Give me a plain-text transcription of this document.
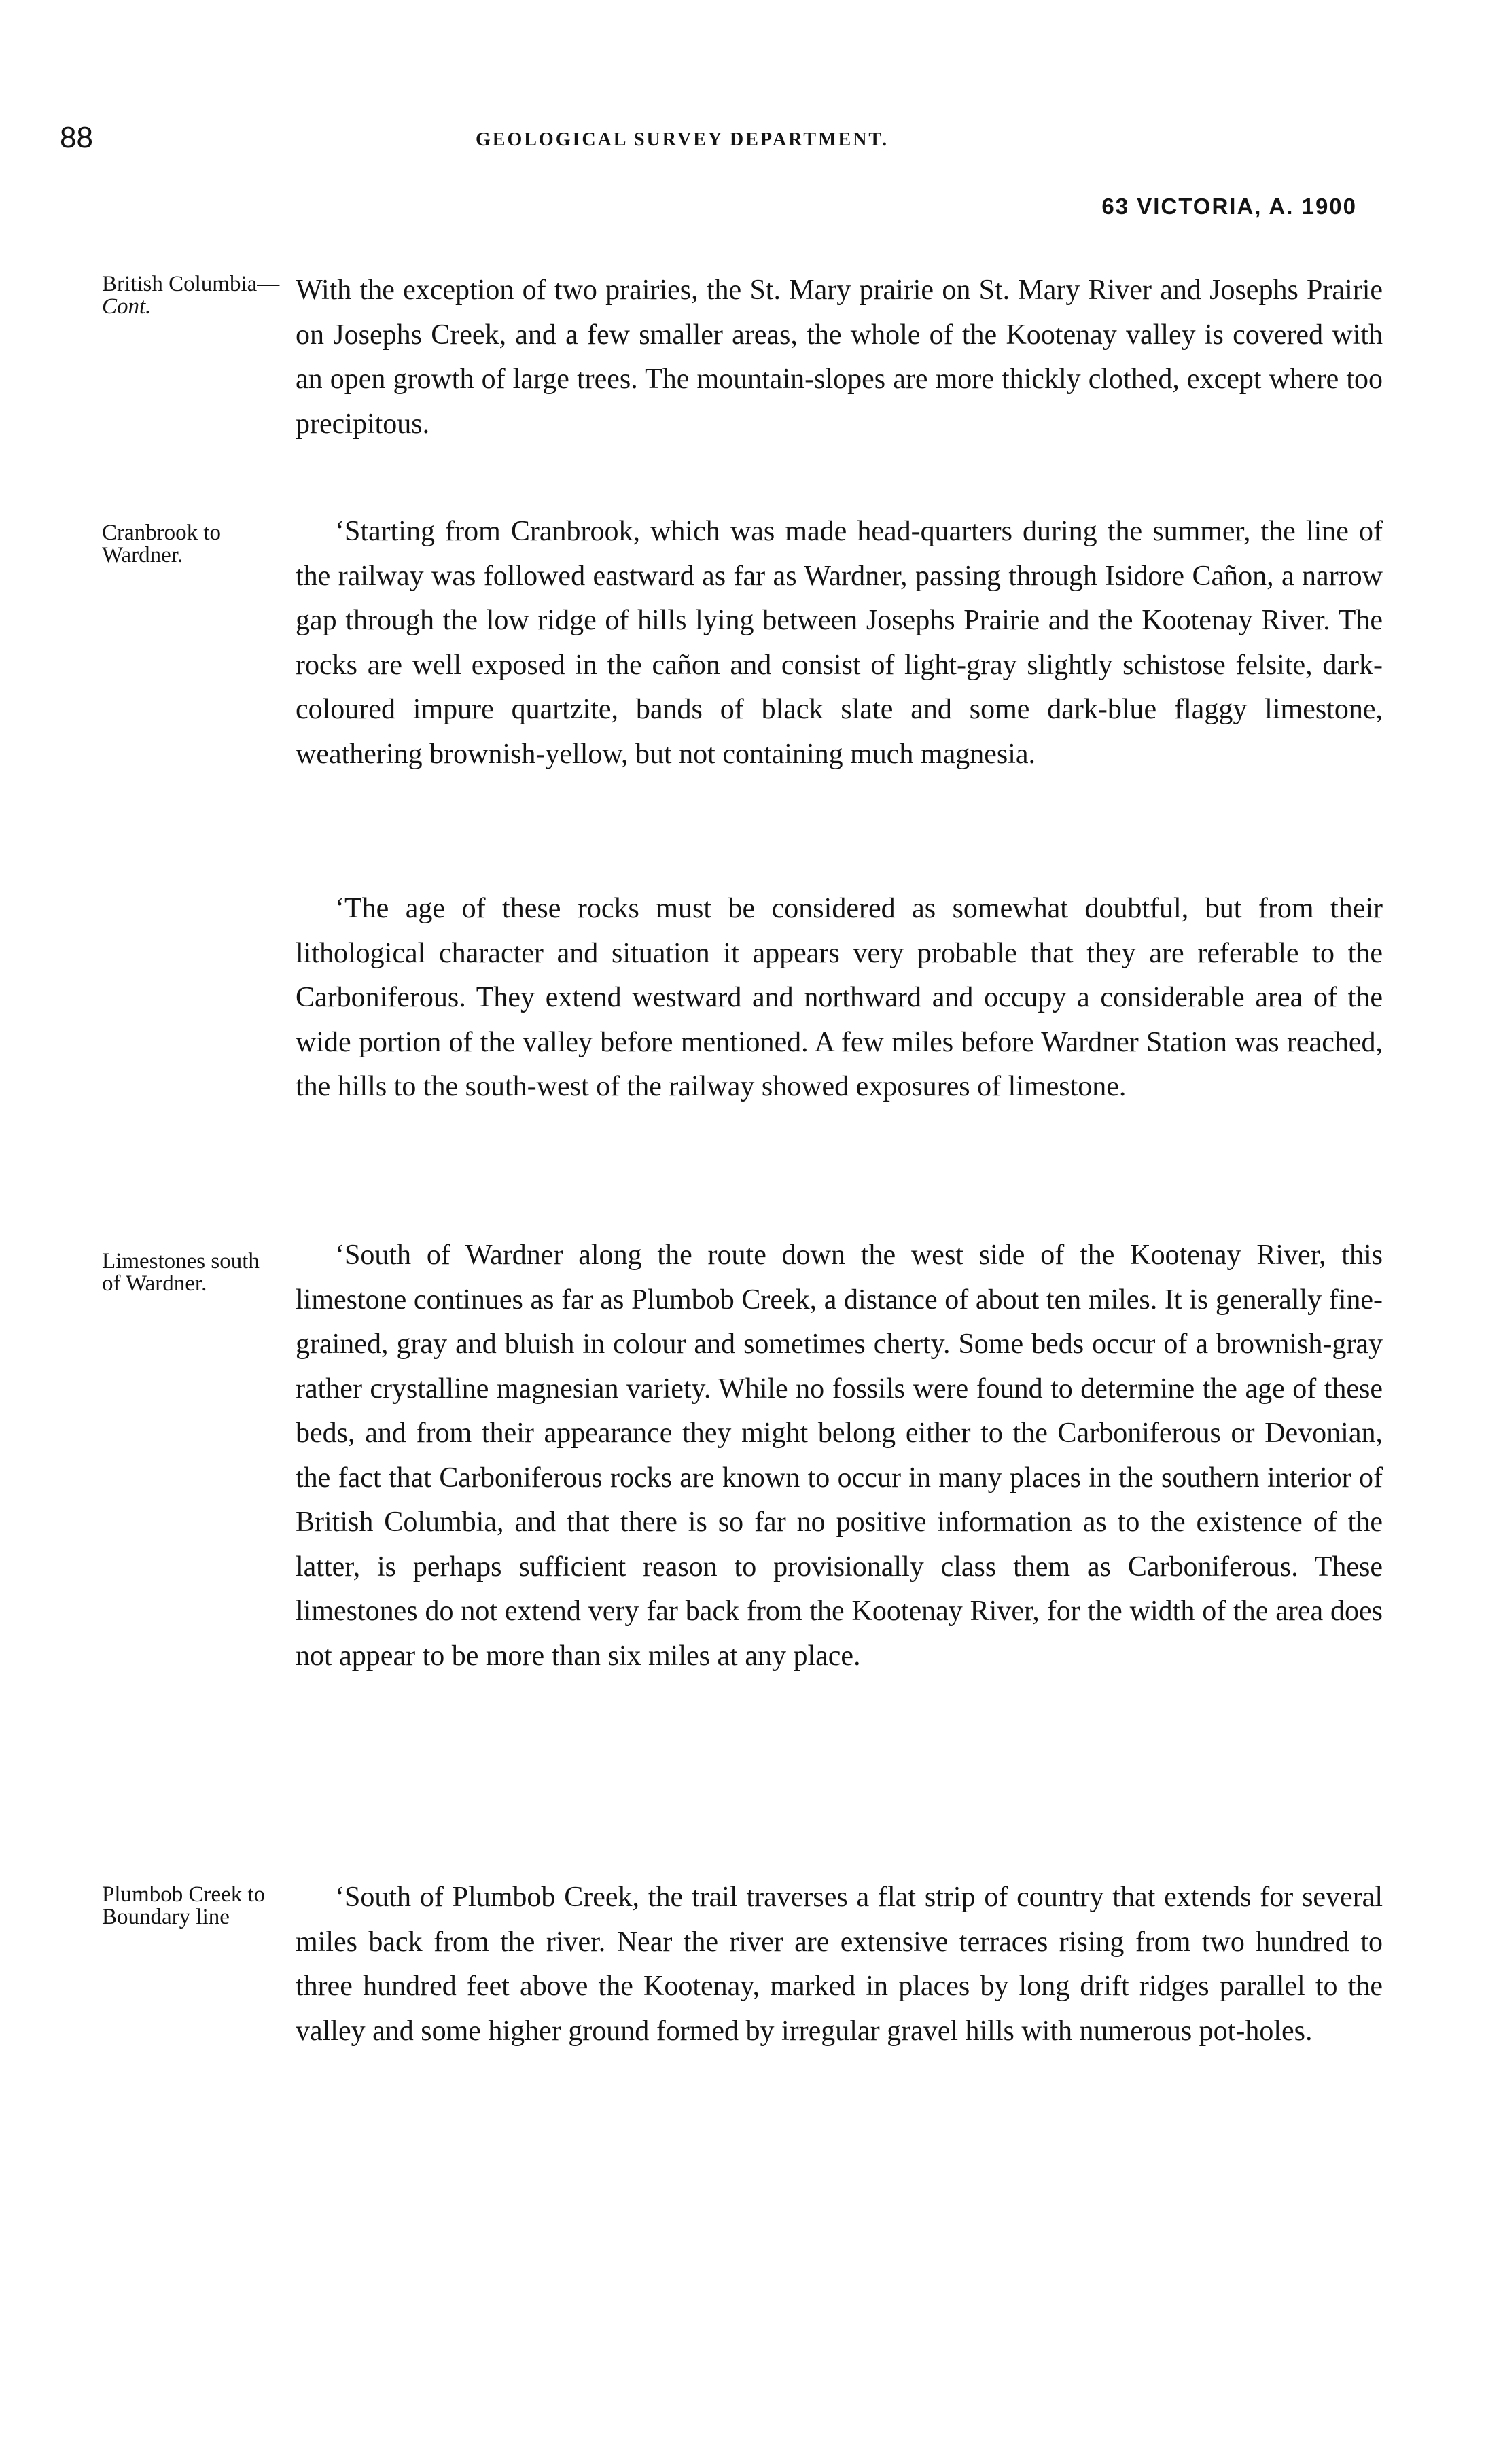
88	GEOLOGICAL SURVEY DEPARTMENT.
63 VICTORIA, A. 1900
British Columbia—Cont.
With the exception of two prairies, the St. Mary prairie on St. Mary River and Josephs Prairie on Josephs Creek, and a few smaller areas, the whole of the Kootenay valley is covered with an open growth of large trees. The mountain-slopes are more thickly clothed, except where too precipitous.
Cranbrook to Wardner.
‘Starting from Cranbrook, which was made head-quarters during the summer, the line of the railway was followed eastward as far as Wardner, passing through Isidore Cañon, a narrow gap through the low ridge of hills lying between Josephs Prairie and the Kootenay River. The rocks are well exposed in the cañon and consist of light-gray slightly schistose felsite, dark-coloured impure quartzite, bands of black slate and some dark-blue flaggy limestone, weathering brownish-yellow, but not containing much magnesia.
‘The age of these rocks must be considered as somewhat doubtful, but from their lithological character and situation it appears very probable that they are referable to the Carboniferous. They extend westward and northward and occupy a considerable area of the wide portion of the valley before mentioned. A few miles before Wardner Station was reached, the hills to the south-west of the railway showed exposures of limestone.
Limestones south of Wardner.
‘South of Wardner along the route down the west side of the Kootenay River, this limestone continues as far as Plumbob Creek, a distance of about ten miles. It is generally fine-grained, gray and bluish in colour and sometimes cherty. Some beds occur of a brownish-gray rather crystalline magnesian variety. While no fossils were found to determine the age of these beds, and from their appearance they might belong either to the Carboniferous or Devonian, the fact that Carboniferous rocks are known to occur in many places in the southern interior of British Columbia, and that there is so far no positive information as to the existence of the latter, is perhaps sufficient reason to provisionally class them as Carboniferous. These limestones do not extend very far back from the Kootenay River, for the width of the area does not appear to be more than six miles at any place.
Plumbob Creek to Boundary line
‘South of Plumbob Creek, the trail traverses a flat strip of country that extends for several miles back from the river. Near the river are extensive terraces rising from two hundred to three hundred feet above the Kootenay, marked in places by long drift ridges parallel to the valley and some higher ground formed by irregular gravel hills with numerous pot-holes.
